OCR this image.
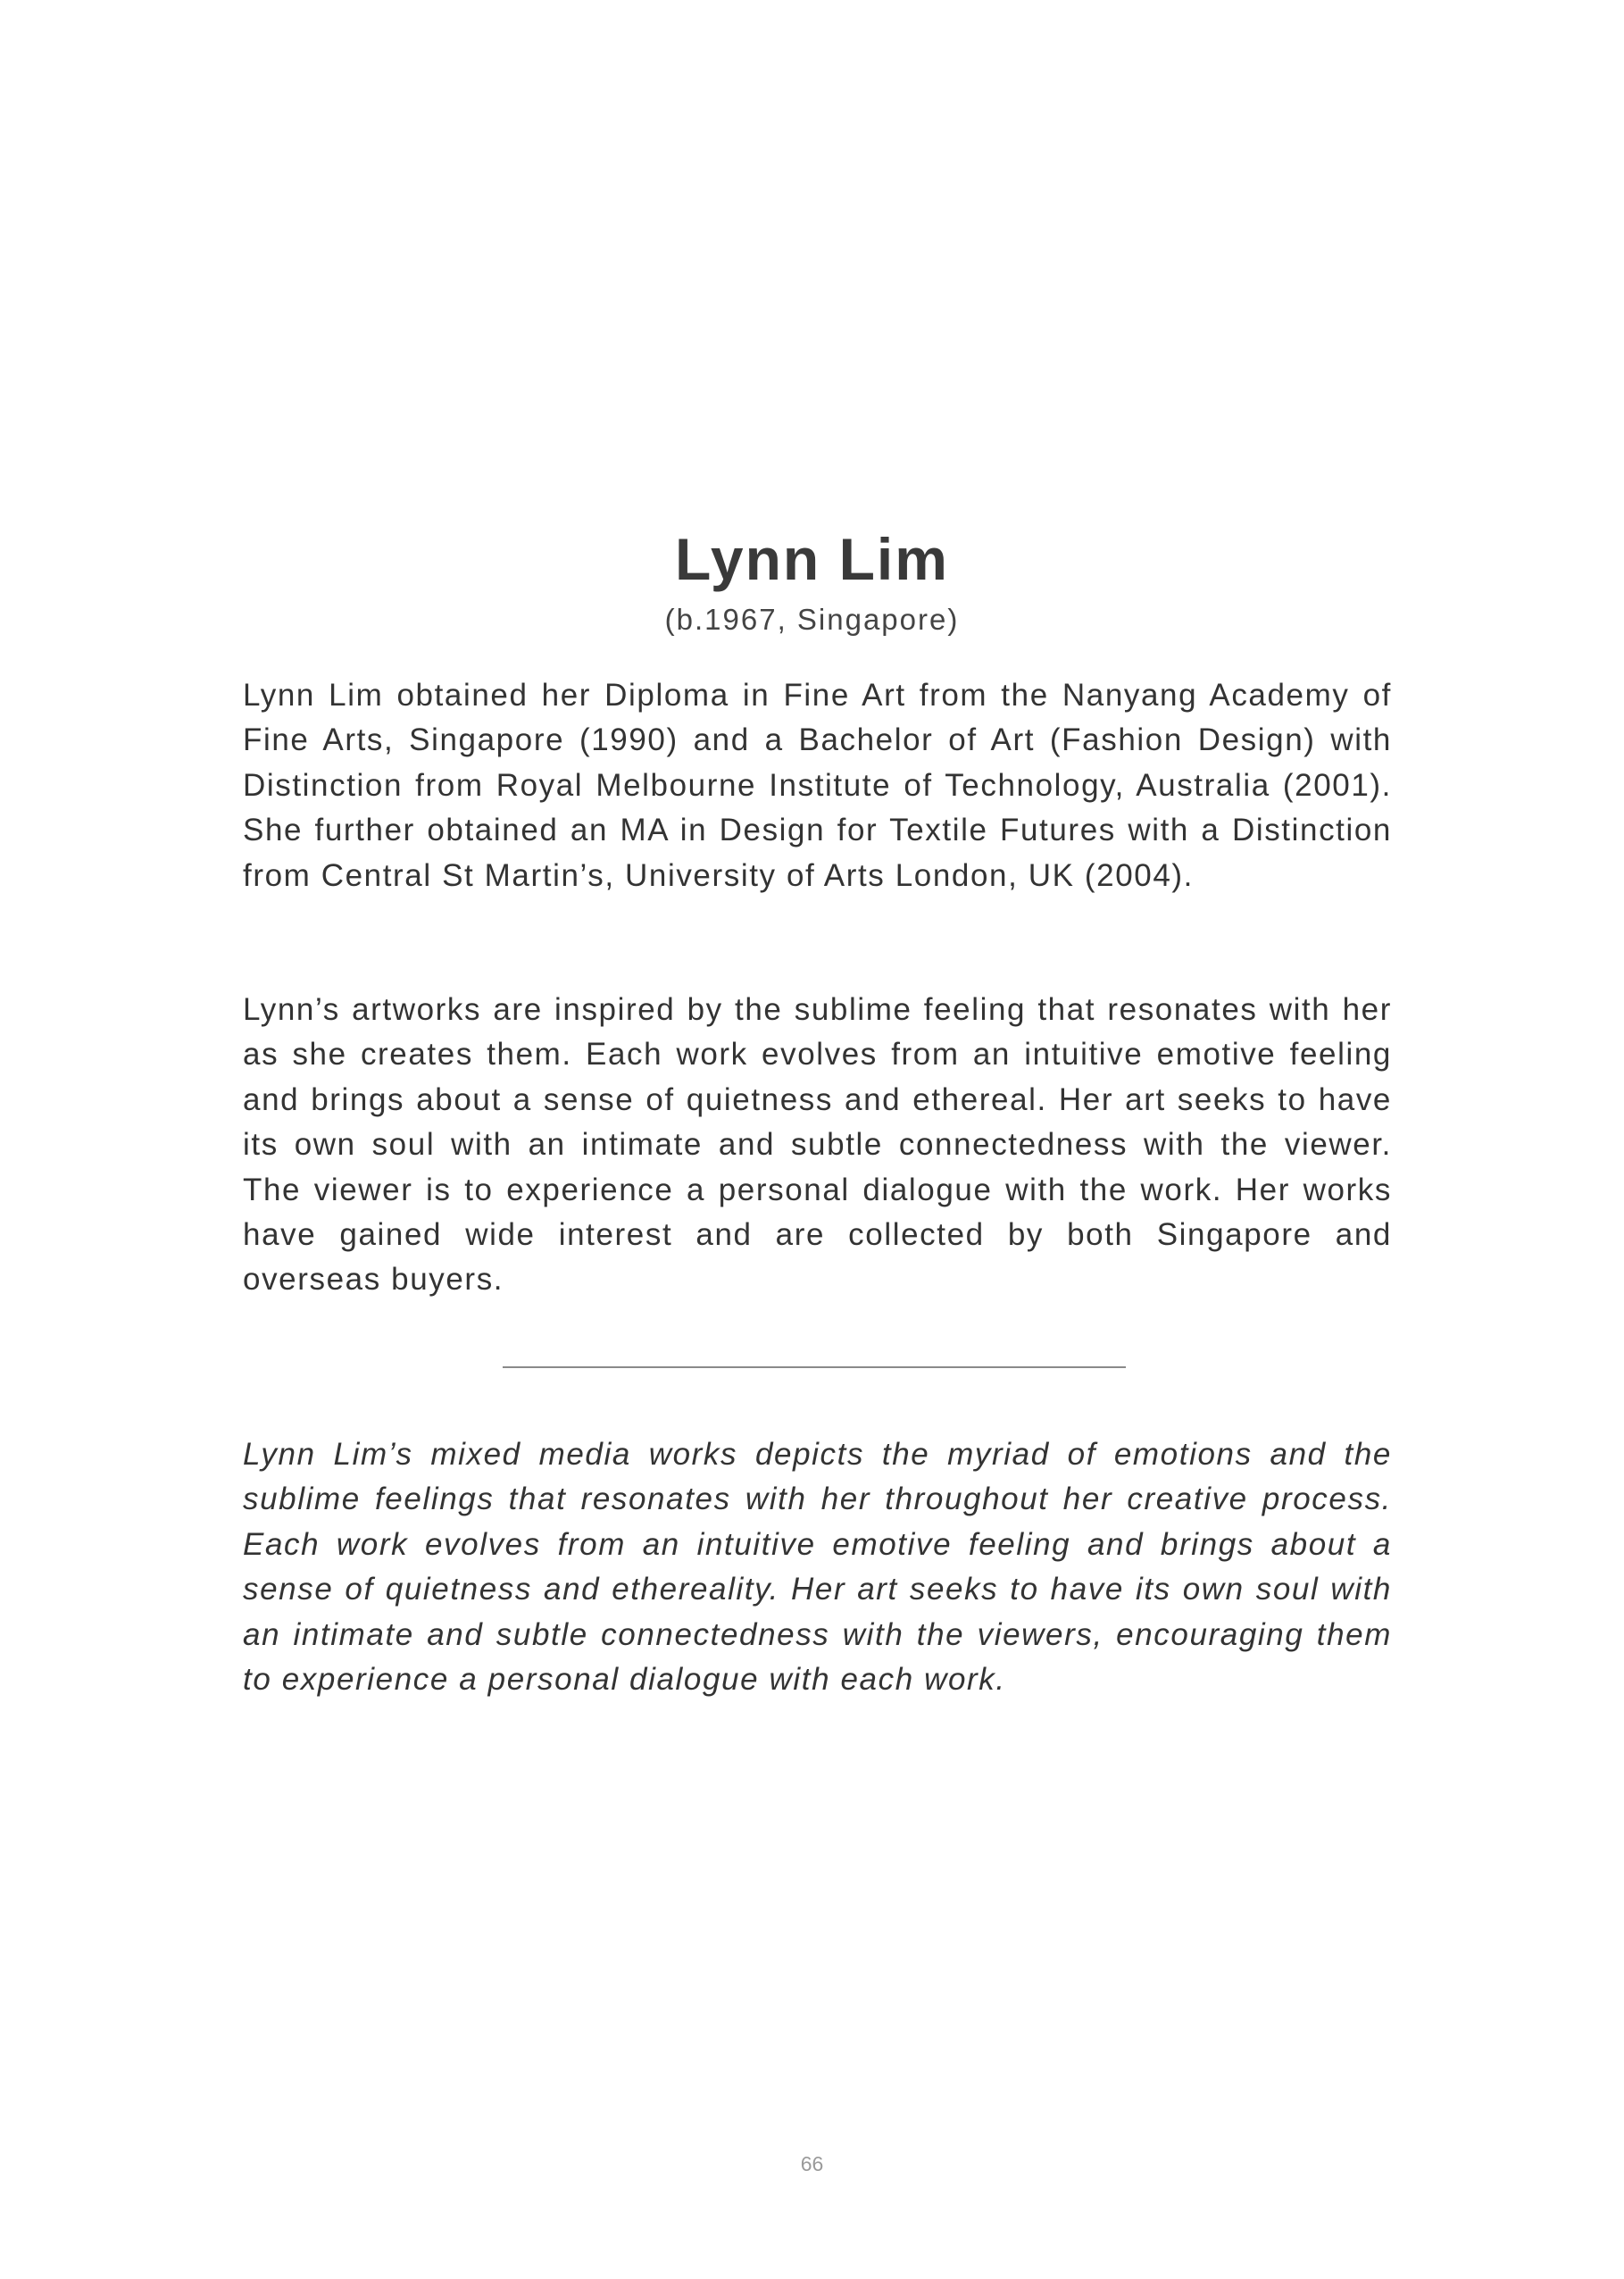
Lynn Lim
(b.1967, Singapore)

Lynn Lim obtained her Diploma in Fine Art from the Nanyang Academy of Fine Arts, Singapore (1990) and a Bachelor of Art (Fashion Design) with Distinction from Royal Melbourne Institute of Technology, Australia (2001). She further obtained an MA in Design for Textile Futures with a Distinction from Central St Martin’s, University of Arts London, UK (2004).

Lynn’s artworks are inspired by the sublime feeling that resonates with her as she creates them. Each work evolves from an intuitive emotive feeling and brings about a sense of quietness and ethereal. Her art seeks to have its own soul with an intimate and subtle connectedness with the viewer. The viewer is to experience a personal dialogue with the work. Her works have gained wide interest and are collected by both Singapore and overseas buyers.

Lynn Lim’s mixed media works depicts the myriad of emotions and the sublime feelings that resonates with her throughout her creative process. Each work evolves from an intuitive emotive feeling and brings about a sense of quietness and ethereality. Her art seeks to have its own soul with an intimate and subtle connectedness with the viewers, encouraging them to experience a personal dialogue with each work.

66
